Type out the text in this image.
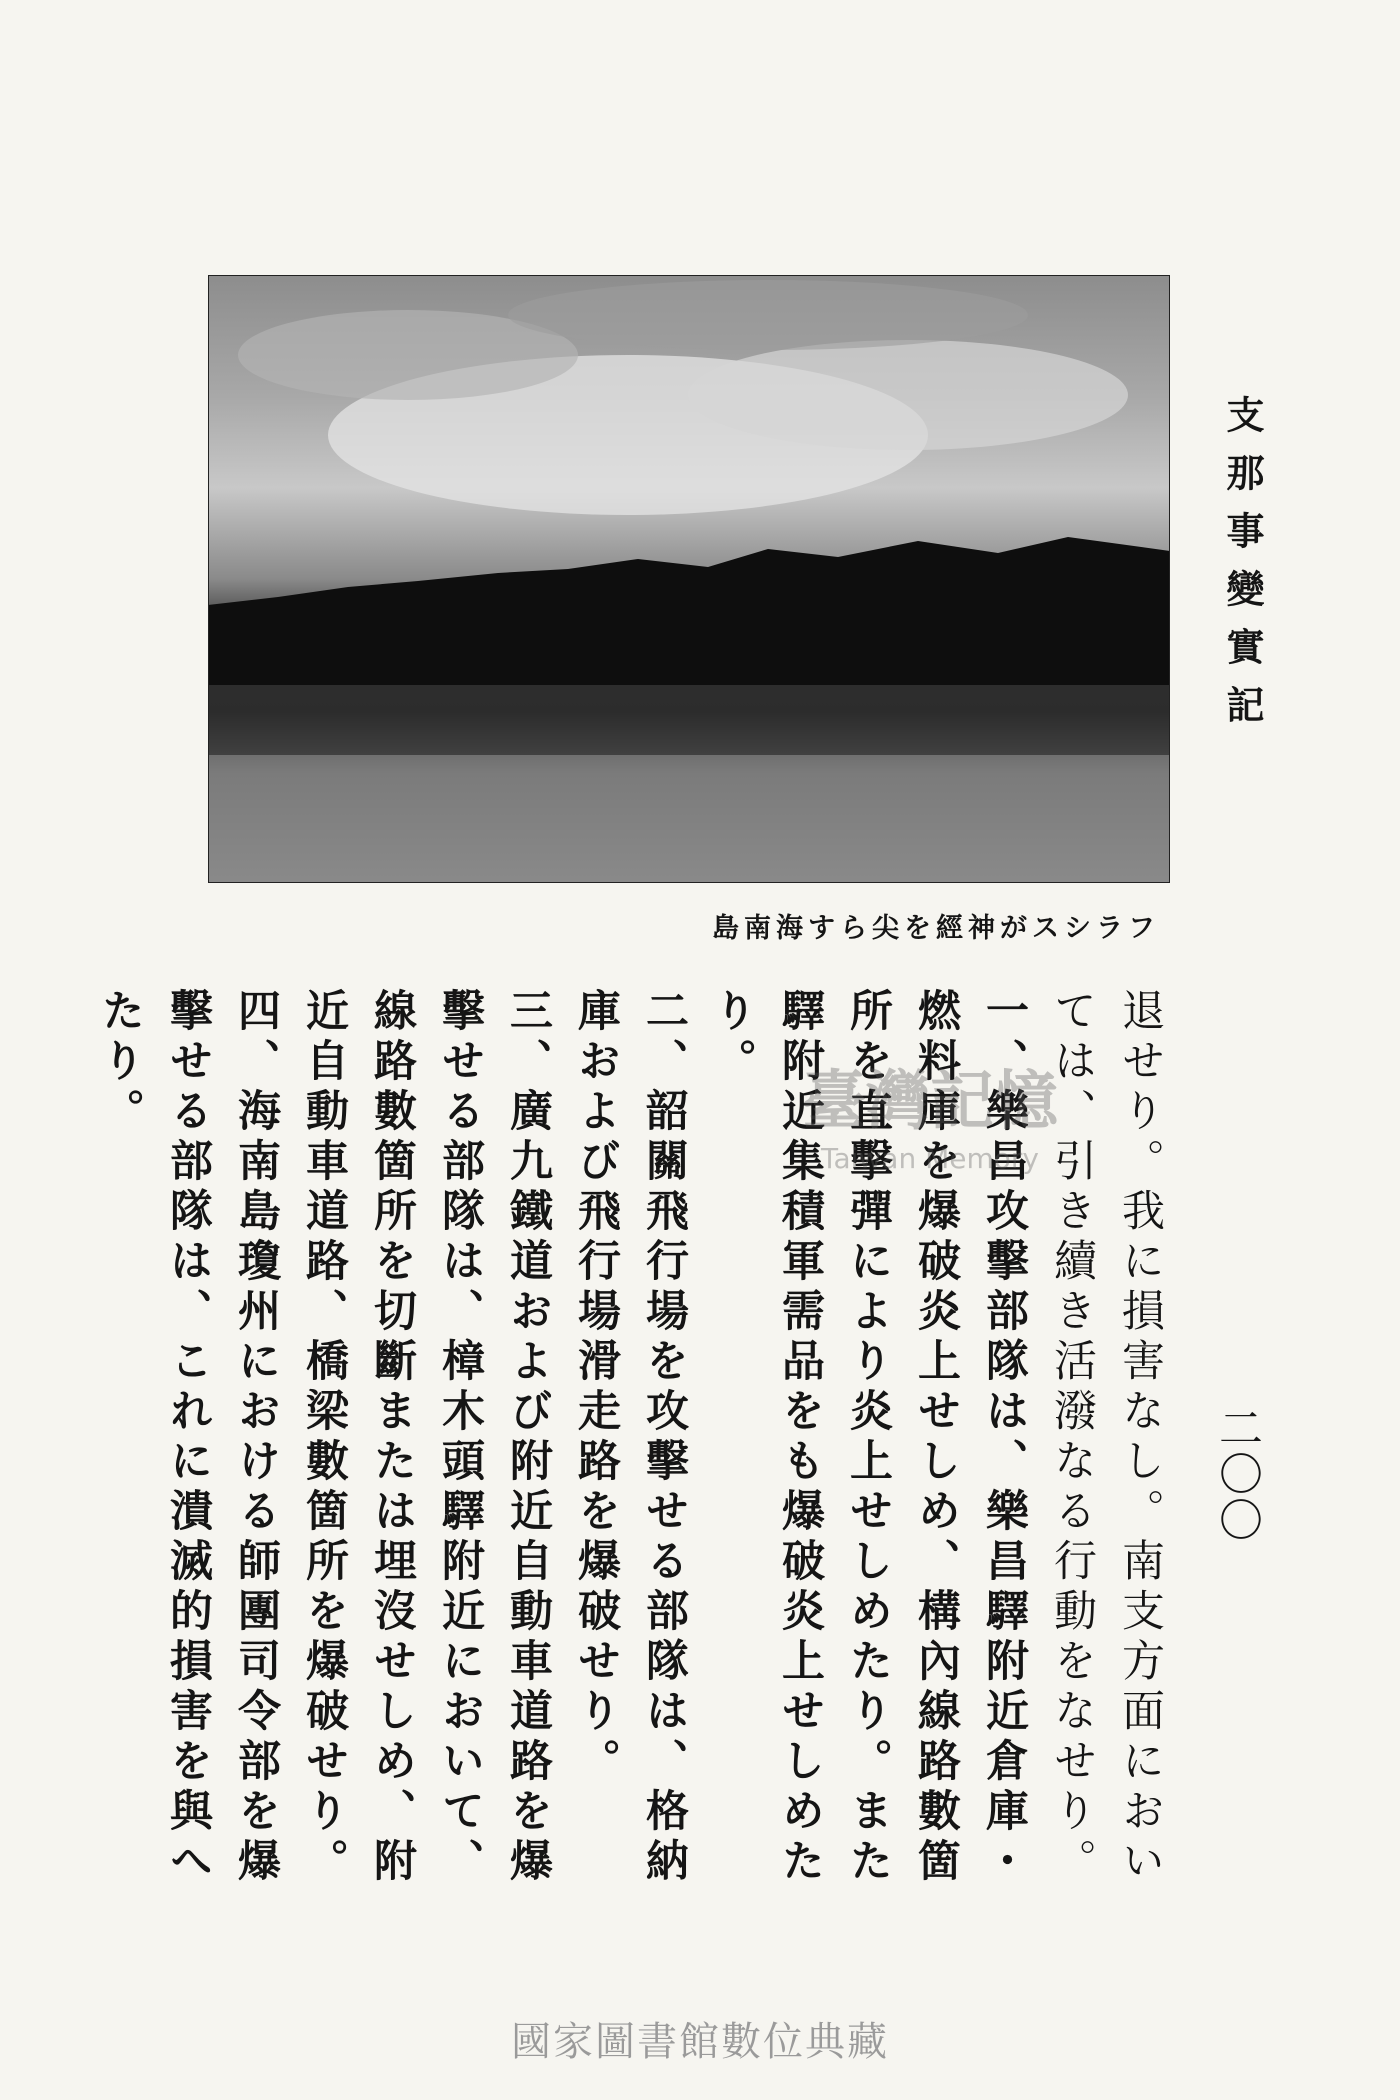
支那事變實記
フラシスが神經を尖らす海南島
二〇〇

退せり。我に損害なし。南支方面においては、引き續き活潑なる行動をなせり。

一、樂昌攻擊部隊は、樂昌驛附近倉庫・燃料庫を爆破炎上せしめ、構內線路數箇所を直擊彈により炎上せしめたり。また驛附近集積軍需品をも爆破炎上せしめたり。

二、韶關飛行場を攻擊せる部隊は、格納庫および飛行場滑走路を爆破せり。

三、廣九鐵道および附近自動車道路を爆擊せる部隊は、樟木頭驛附近において、線路數箇所を切斷または埋沒せしめ、附近自動車道路、橋梁數箇所を爆破せり。

四、海南島瓊州における師團司令部を爆擊せる部隊は、これに潰滅的損害を與へたり。	臺灣記憶
Taiwan Memory
國家圖書館數位典藏
